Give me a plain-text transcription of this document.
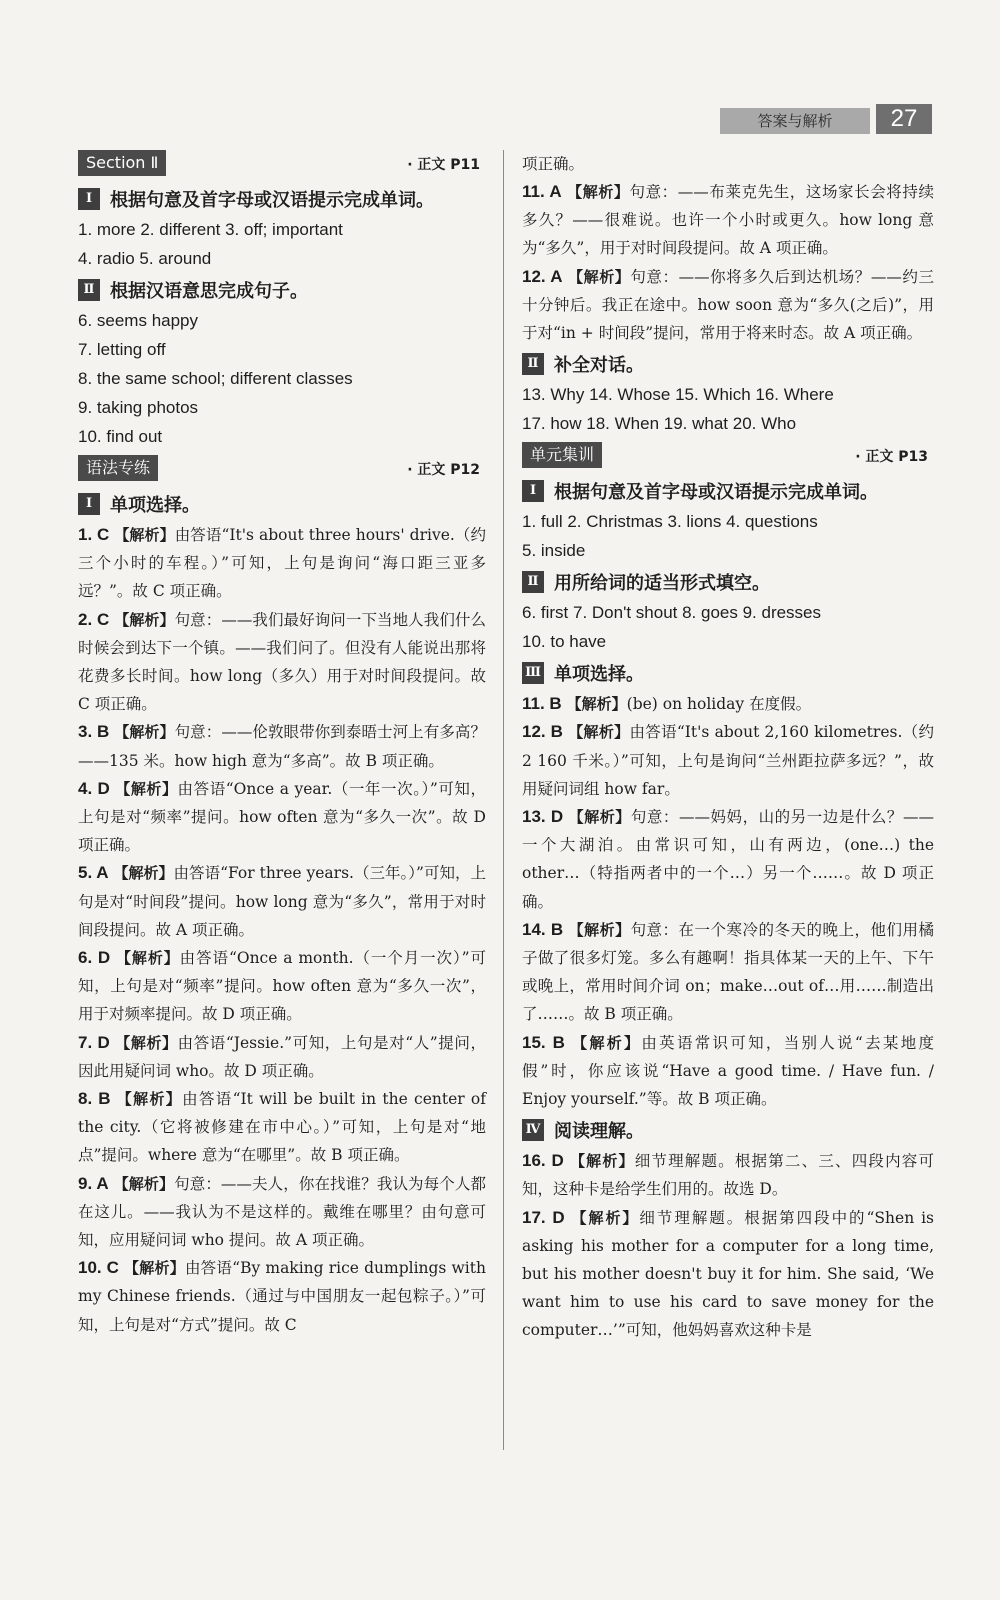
答案与解析	27
Section Ⅱ	· 正文 P11
Ⅰ 根据句意及首字母或汉语提示完成单词。
1. more 2. different 3. off; important
4. radio 5. around
Ⅱ 根据汉语意思完成句子。
6. seems happy
7. letting off
8. the same school; different classes
9. taking photos
10. find out
语法专练	· 正文 P12
Ⅰ 单项选择。

1. C 【解析】由答语“It's about three hours' drive.（约三个小时的车程。）”可知，上句是询问“海口距三亚多远？”。故 C 项正确。

2. C 【解析】句意：——我们最好询问一下当地人我们什么时候会到达下一个镇。——我们问了。但没有人能说出那将花费多长时间。how long（多久）用于对时间段提问。故 C 项正确。

3. B 【解析】句意：——伦敦眼带你到泰晤士河上有多高？——135 米。how high 意为“多高”。故 B 项正确。

4. D 【解析】由答语“Once a year.（一年一次。）”可知，上句是对“频率”提问。how often 意为“多久一次”。故 D 项正确。

5. A 【解析】由答语“For three years.（三年。）”可知，上句是对“时间段”提问。how long 意为“多久”，常用于对时间段提问。故 A 项正确。

6. D 【解析】由答语“Once a month.（一个月一次）”可知，上句是对“频率”提问。how often 意为“多久一次”，用于对频率提问。故 D 项正确。

7. D 【解析】由答语“Jessie.”可知，上句是对“人”提问，因此用疑问词 who。故 D 项正确。

8. B 【解析】由答语“It will be built in the center of the city.（它将被修建在市中心。）”可知，上句是对“地点”提问。where 意为“在哪里”。故 B 项正确。

9. A 【解析】句意：——夫人，你在找谁？我认为每个人都在这儿。——我认为不是这样的。戴维在哪里？由句意可知，应用疑问词 who 提问。故 A 项正确。

10. C 【解析】由答语“By making rice dumplings with my Chinese friends.（通过与中国朋友一起包粽子。）”可知，上句是对“方式”提问。故 C

项正确。

11. A 【解析】句意：——布莱克先生，这场家长会将持续多久？——很难说。也许一个小时或更久。how long 意为“多久”，用于对时间段提问。故 A 项正确。

12. A 【解析】句意：——你将多久后到达机场？——约三十分钟后。我正在途中。how soon 意为“多久(之后)”，用于对“in + 时间段”提问，常用于将来时态。故 A 项正确。

Ⅱ 补全对话。
13. Why 14. Whose 15. Which 16. Where
17. how 18. When 19. what 20. Who
单元集训	· 正文 P13
Ⅰ 根据句意及首字母或汉语提示完成单词。
1. full 2. Christmas 3. lions 4. questions
5. inside
Ⅱ 用所给词的适当形式填空。
6. first 7. Don't shout 8. goes 9. dresses
10. to have
Ⅲ 单项选择。

11. B 【解析】(be) on holiday 在度假。

12. B 【解析】由答语“It's about 2,160 kilometres.（约 2 160 千米。）”可知，上句是询问“兰州距拉萨多远？”，故用疑问词组 how far。

13. D 【解析】句意：——妈妈，山的另一边是什么？——一个大湖泊。由常识可知，山有两边，(one…) the other…（特指两者中的一个…）另一个……。故 D 项正确。

14. B 【解析】句意：在一个寒冷的冬天的晚上，他们用橘子做了很多灯笼。多么有趣啊！指具体某一天的上午、下午或晚上，常用时间介词 on；make…out of…用……制造出了……。故 B 项正确。

15. B 【解析】由英语常识可知，当别人说“去某地度假”时，你应该说“Have a good time. / Have fun. / Enjoy yourself.”等。故 B 项正确。

Ⅳ 阅读理解。

16. D 【解析】细节理解题。根据第二、三、四段内容可知，这种卡是给学生们用的。故选 D。

17. D 【解析】细节理解题。根据第四段中的“Shen is asking his mother for a computer for a long time, but his mother doesn't buy it for him. She said, ‘We want him to use his card to save money for the computer…’”可知，他妈妈喜欢这种卡是
